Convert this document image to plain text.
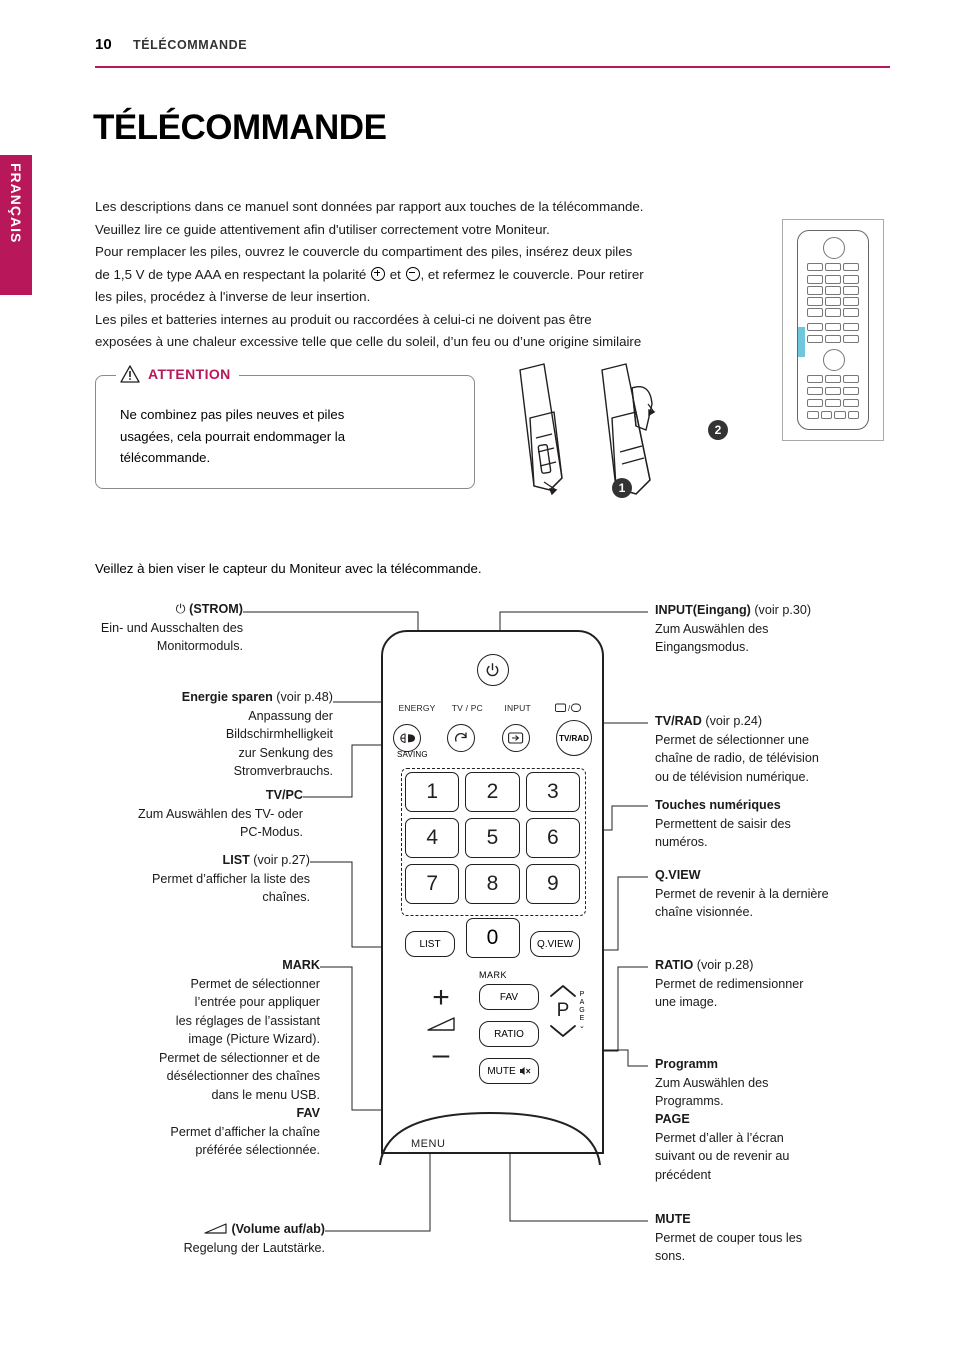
10 TÉLÉCOMMANDE
FRANÇAIS
TÉLÉCOMMANDE
Les descriptions dans ce manuel sont données par rapport aux touches de la télécommande.
Veuillez lire ce guide attentivement afin d'utiliser correctement votre Moniteur.
Pour remplacer les piles, ouvrez le couvercle du compartiment des piles, insérez deux piles
de 1,5 V de type AAA en respectant la polarité et , et refermez le couvercle. Pour retirer
les piles, procédez à l'inverse de leur insertion.
Les piles et batteries internes au produit ou raccordées à celui-ci ne doivent pas être
exposées à une chaleur excessive telle que celle du soleil, d’un feu ou d’une origine similaire
ATTENTION
Ne combinez pas piles neuves et piles
usagées, cela pourrait endommager la
télécommande.
1
2
Veillez à bien viser le capteur du Moniteur avec la télécommande.
ENERGY	TV / PC	INPUT	/
TV/ RAD
SAVING
1	2	3
4	5	6
7	8	9
LIST	0	Q.VIEW
MARK
+
–
FAV
RATIO
MUTE
P
P
A
G
E
⌄
MENU
⏻ (STROM)
Ein- und Ausschalten des
Monitormoduls.
Energie sparen (voir p.48)
Anpassung der
Bildschirmhelligkeit
zur Senkung des
Stromverbrauchs.
TV/PC
Zum Auswählen des TV- oder
PC-Modus.
LIST (voir p.27)
Permet d’afficher la liste des
chaînes.
MARK
Permet de sélectionner
l’entrée pour appliquer
les réglages de l’assistant
image (Picture Wizard).
Permet de sélectionner et de
désélectionner des chaînes
dans le menu USB.
FAV
Permet d’afficher la chaîne
préférée sélectionnée.
(Volume auf/ab)
Regelung der Lautstärke.
INPUT(Eingang) (voir p.30)
Zum Auswählen des
Eingangsmodus.
TV/RAD (voir p.24)
Permet de sélectionner une
chaîne de radio, de télévision
ou de télévision numérique.
Touches numériques
Permettent de saisir des
numéros.
Q.VIEW
Permet de revenir à la dernière
chaîne visionnée.
RATIO (voir p.28)
Permet de redimensionner
une image.
Programm
Zum Auswählen des
Programms.
PAGE
Permet d’aller à l’écran
suivant ou de revenir au
précédent
MUTE
Permet de couper tous les
sons.
